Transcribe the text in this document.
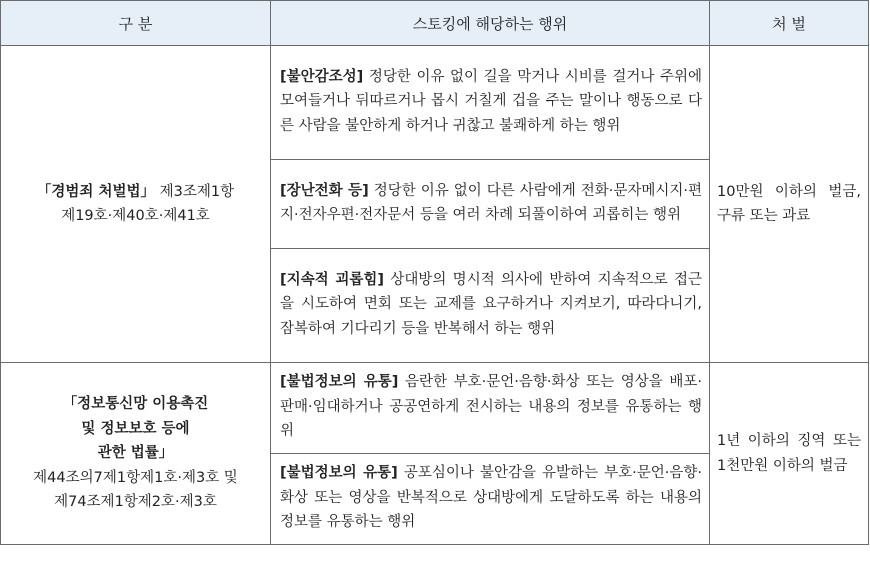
구 분	스토킹에 해당하는 행위	처 벌

「경범죄 처벌법」 제3조제1항
제19호·제40호·제41호	[불안감조성] 정당한 이유 없이 길을 막거나 시비를 걸거나 주위에 모여들거나 뒤따르거나 몹시 거칠게 겁을 주는 말이나 행동으로 다른 사람을 불안하게 하거나 귀찮고 불쾌하게 하는 행위	10만원 이하의 벌금, 구류 또는 과료
	[장난전화 등] 정당한 이유 없이 다른 사람에게 전화·문자메시지·편지·전자우편·전자문서 등을 여러 차례 되풀이하여 괴롭히는 행위	
	[지속적 괴롭힘] 상대방의 명시적 의사에 반하여 지속적으로 접근을 시도하여 면회 또는 교제를 요구하거나 지켜보기, 따라다니기, 잠복하여 기다리기 등을 반복해서 하는 행위	

「정보통신망 이용촉진
및 정보보호 등에
관한 법률」
제44조의7제1항제1호·제3호 및
제74조제1항제2호·제3호	[불법정보의 유통] 음란한 부호·문언·음향·화상 또는 영상을 배포·판매·임대하거나 공공연하게 전시하는 내용의 정보를 유통하는 행위	1년 이하의 징역 또는 1천만원 이하의 벌금
	[불법정보의 유통] 공포심이나 불안감을 유발하는 부호·문언·음향·화상 또는 영상을 반복적으로 상대방에게 도달하도록 하는 내용의 정보를 유통하는 행위	
